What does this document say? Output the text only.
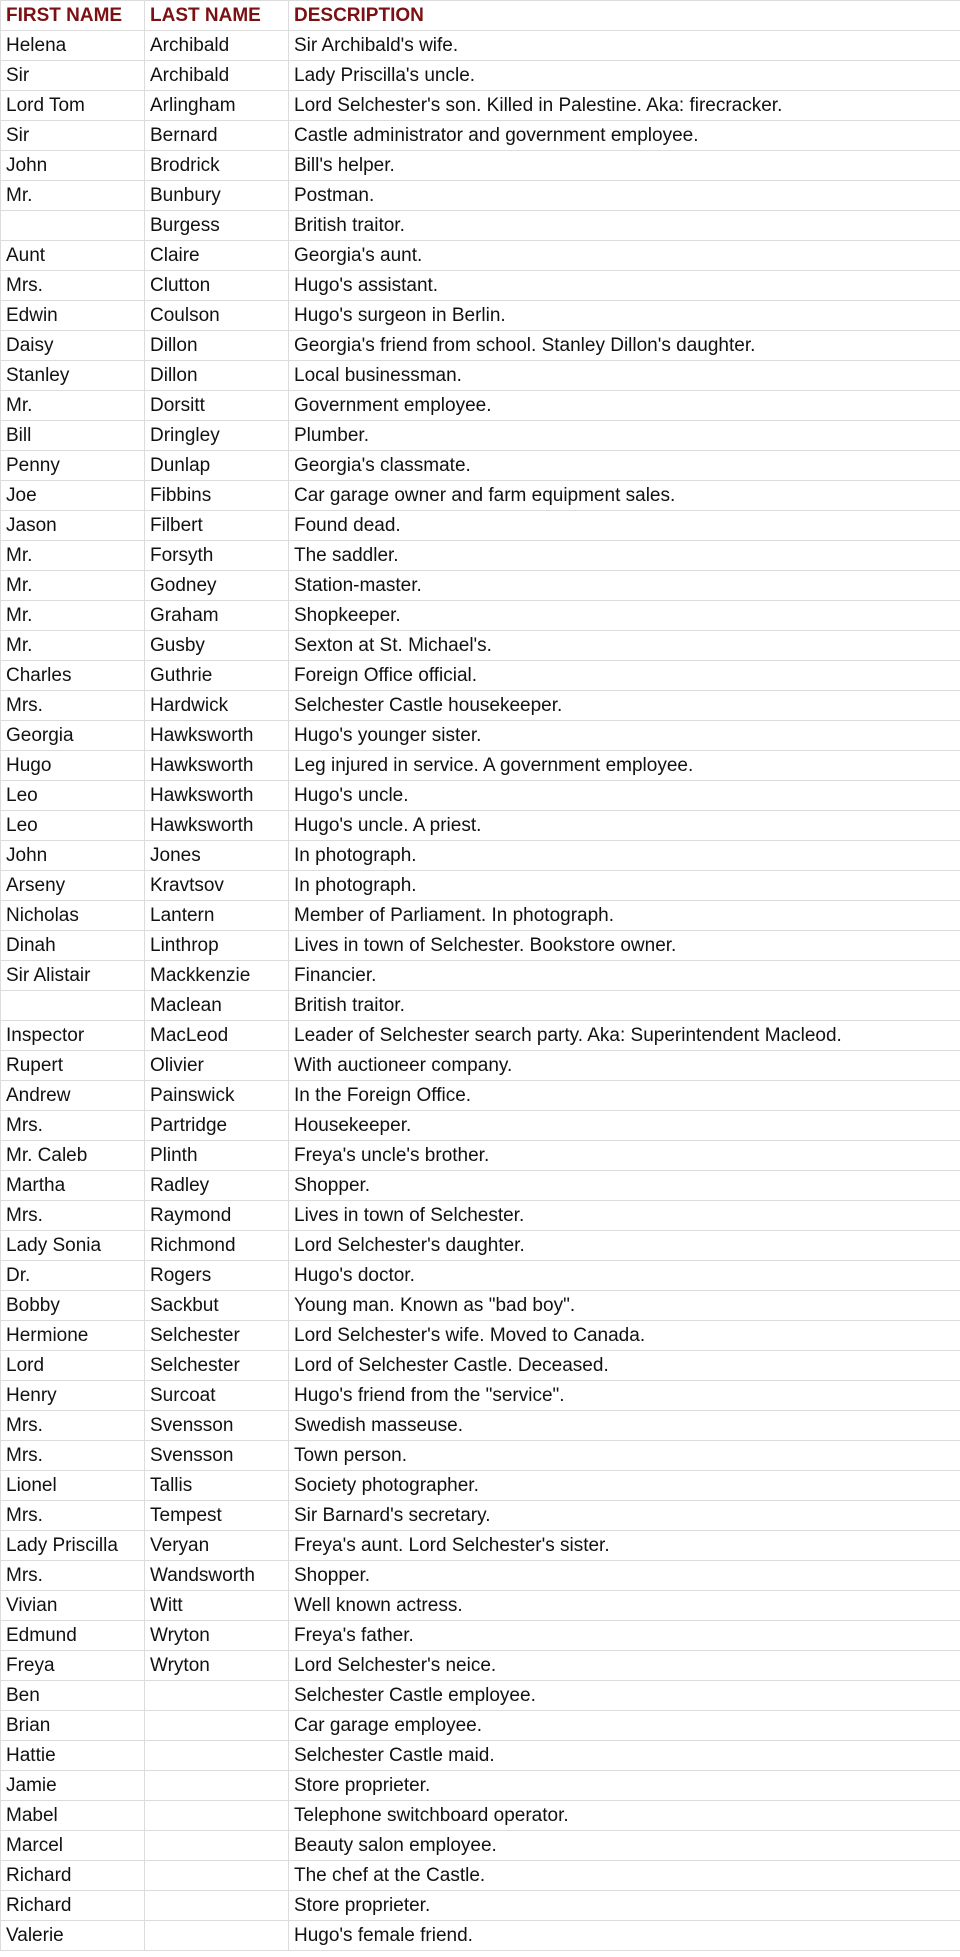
FIRST NAME	LAST NAME	DESCRIPTION
Helena	Archibald	Sir Archibald's wife.
Sir	Archibald	Lady Priscilla's uncle.
Lord Tom	Arlingham	Lord Selchester's son. Killed in Palestine. Aka: firecracker.
Sir	Bernard	Castle administrator and government employee.
John	Brodrick	Bill's helper.
Mr.	Bunbury	Postman.
	Burgess	British traitor.
Aunt	Claire	Georgia's aunt.
Mrs.	Clutton	Hugo's assistant.
Edwin	Coulson	Hugo's surgeon in Berlin.
Daisy	Dillon	Georgia's friend from school. Stanley Dillon's daughter.
Stanley	Dillon	Local businessman.
Mr.	Dorsitt	Government employee.
Bill	Dringley	Plumber.
Penny	Dunlap	Georgia's classmate.
Joe	Fibbins	Car garage owner and farm equipment sales.
Jason	Filbert	Found dead.
Mr.	Forsyth	The saddler.
Mr.	Godney	Station-master.
Mr.	Graham	Shopkeeper.
Mr.	Gusby	Sexton at St. Michael's.
Charles	Guthrie	Foreign Office official.
Mrs.	Hardwick	Selchester Castle housekeeper.
Georgia	Hawksworth	Hugo's younger sister.
Hugo	Hawksworth	Leg injured in service. A government employee.
Leo	Hawksworth	Hugo's uncle.
Leo	Hawksworth	Hugo's uncle. A priest.
John	Jones	In photograph.
Arseny	Kravtsov	In photograph.
Nicholas	Lantern	Member of Parliament. In photograph.
Dinah	Linthrop	Lives in town of Selchester. Bookstore owner.
Sir Alistair	Mackkenzie	Financier.
	Maclean	British traitor.
Inspector	MacLeod	Leader of Selchester search party. Aka: Superintendent Macleod.
Rupert	Olivier	With auctioneer company.
Andrew	Painswick	In the Foreign Office.
Mrs.	Partridge	Housekeeper.
Mr. Caleb	Plinth	Freya's uncle's brother.
Martha	Radley	Shopper.
Mrs.	Raymond	Lives in town of Selchester.
Lady Sonia	Richmond	Lord Selchester's daughter.
Dr.	Rogers	Hugo's doctor.
Bobby	Sackbut	Young man. Known as "bad boy".
Hermione	Selchester	Lord Selchester's wife. Moved to Canada.
Lord	Selchester	Lord of Selchester Castle. Deceased.
Henry	Surcoat	Hugo's friend from the "service".
Mrs.	Svensson	Swedish masseuse.
Mrs.	Svensson	Town person.
Lionel	Tallis	Society photographer.
Mrs.	Tempest	Sir Barnard's secretary.
Lady Priscilla	Veryan	Freya's aunt. Lord Selchester's sister.
Mrs.	Wandsworth	Shopper.
Vivian	Witt	Well known actress.
Edmund	Wryton	Freya's father.
Freya	Wryton	Lord Selchester's neice.
Ben		Selchester Castle employee.
Brian		Car garage employee.
Hattie		Selchester Castle maid.
Jamie		Store proprieter.
Mabel		Telephone switchboard operator.
Marcel		Beauty salon employee.
Richard		The chef at the Castle.
Richard		Store proprieter.
Valerie		Hugo's female friend.
